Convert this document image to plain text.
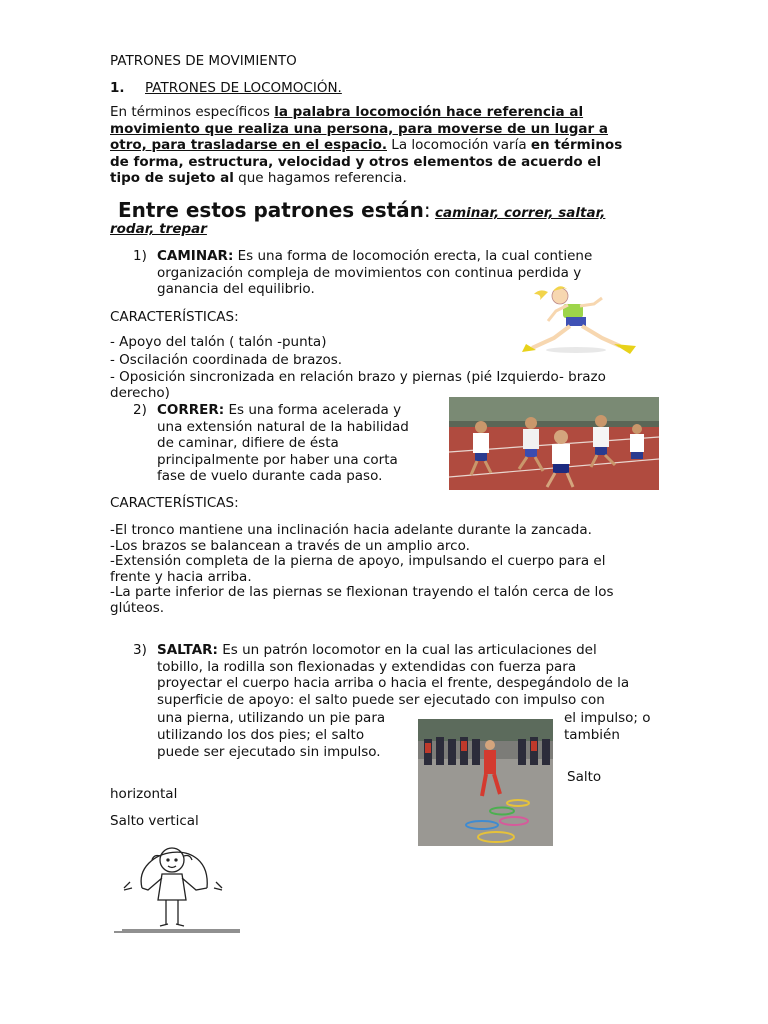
PATRONES DE MOVIMIENTO
1. PATRONES DE LOCOMOCIÓN.
En términos específicos la palabra locomoción hace referencia al
movimiento que realiza una persona, para moverse de un lugar a
otro, para trasladarse en el espacio. La locomoción varía en términos
de forma, estructura, velocidad y otros elementos de acuerdo el
tipo de sujeto al que hagamos referencia.
Entre estos patrones están: caminar, correr, saltar,
rodar, trepar
1) CAMINAR: Es una forma de locomoción erecta, la cual contiene
organización compleja de movimientos con continua perdida y
ganancia del equilibrio.
CARACTERÍSTICAS:
- Apoyo del talón ( talón -punta)
- Oscilación coordinada de brazos.
- Oposición sincronizada en relación brazo y piernas (pié Izquierdo- brazo
derecho)
2) CORRER: Es una forma acelerada y
una extensión natural de la habilidad
de caminar, difiere de ésta
principalmente por haber una corta
fase de vuelo durante cada paso.
CARACTERÍSTICAS:
-El tronco mantiene una inclinación hacia adelante durante la zancada.
-Los brazos se balancean a través de un amplio arco.
-Extensión completa de la pierna de apoyo, impulsando el cuerpo para el
frente y hacia arriba.
-La parte inferior de las piernas se flexionan trayendo el talón cerca de los
glúteos.
3) SALTAR: Es un patrón locomotor en la cual las articulaciones del
tobillo, la rodilla son flexionadas y extendidas con fuerza para
proyectar el cuerpo hacia arriba o hacia el frente, despegándolo de la
superficie de apoyo: el salto puede ser ejecutado con impulso con
una pierna, utilizando un pie para	el impulso; o
utilizando los dos pies; el salto	también
puede ser ejecutado sin impulso.
Salto
horizontal
Salto vertical
